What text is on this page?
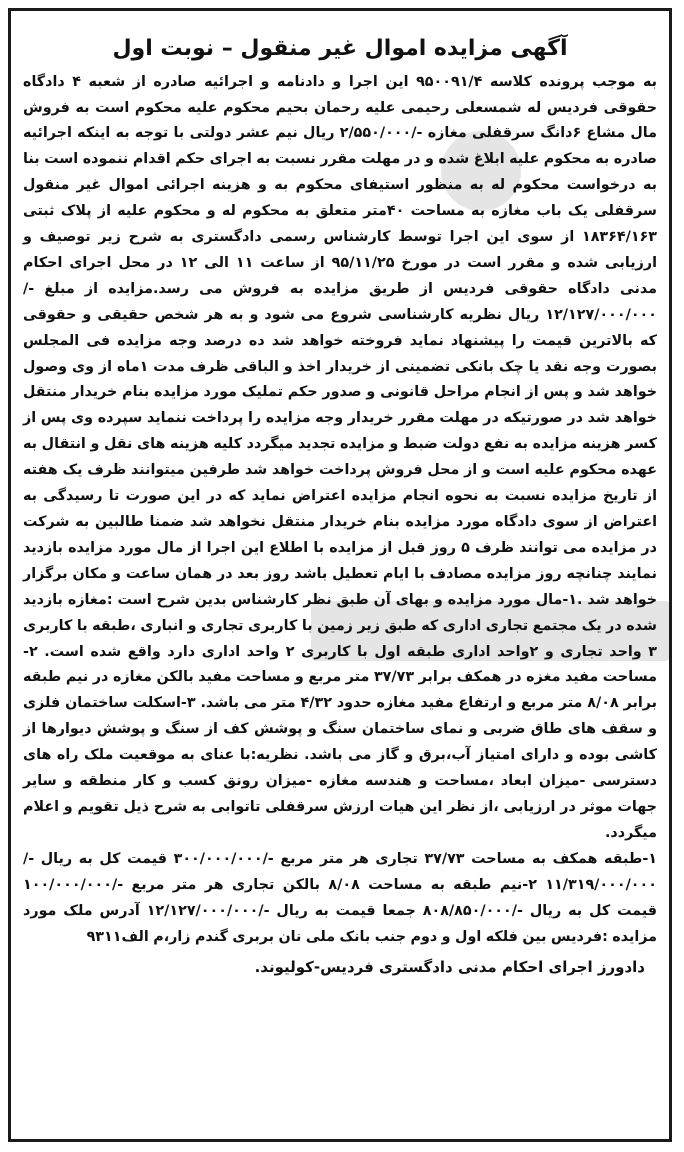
آگهی مزایده اموال غیر منقول – نوبت اول

به موجب پرونده کلاسه ۹۵۰۰۹۱/۴ این اجرا و دادنامه و اجرائیه صادره از شعبه ۴ دادگاه حقوقی فردیس له شمسعلی رحیمی علیه رحمان بحیم محکوم علیه محکوم است به فروش مال مشاع ۶دانگ سرقفلی مغازه -/۲/۵۵۰/۰۰۰ ریال نیم عشر دولتی با توجه به اینکه اجرائیه صادره به محکوم علیه ابلاغ شده و در مهلت مقرر نسبت به اجرای حکم اقدام ننموده است بنا به درخواست محکوم له به منظور استیفای محکوم به و هزینه اجرائی اموال غیر منقول سرقفلی یک باب مغازه به مساحت ۴۰متر متعلق به محکوم له و محکوم علیه از پلاک ثبتی ۱۸۳۶۴/۱۶۳ از سوی این اجرا توسط کارشناس رسمی دادگستری به شرح زیر توصیف و ارزیابی شده و مقرر است در مورخ ۹۵/۱۱/۲۵ از ساعت ۱۱ الی ۱۲ در محل اجرای احکام مدنی دادگاه حقوقی فردیس از طریق مزایده به فروش می رسد.مزایده از مبلغ -/۱۲/۱۲۷/۰۰۰/۰۰۰ ریال نظریه کارشناسی شروع می شود و به هر شخص حقیقی و حقوقی که بالاترین قیمت را پیشنهاد نماید فروخته خواهد شد ده درصد وجه مزایده فی المجلس بصورت وجه نقد یا چک بانکی تضمینی از خریدار اخذ و الباقی ظرف مدت ۱ماه از وی وصول خواهد شد و پس از انجام مراحل قانونی و صدور حکم تملیک مورد مزایده بنام خریدار منتقل خواهد شد در صورتیکه در مهلت مقرر خریدار وجه مزایده را پرداخت ننماید سپرده وی پس از کسر هزینه مزایده به نفع دولت ضبط و مزایده تجدید میگردد کلیه هزینه های نقل و انتقال به عهده محکوم علیه است و از محل فروش پرداخت خواهد شد طرفین میتوانند ظرف یک هفته از تاریخ مزایده نسبت به نحوه انجام مزایده اعتراض نماید که در این صورت تا رسیدگی به اعتراض از سوی دادگاه مورد مزایده بنام خریدار منتقل نخواهد شد ضمنا طالبین به شرکت در مزایده می توانند ظرف ۵ روز قبل از مزایده با اطلاع این اجرا از مال مورد مزایده بازدید نمایند چنانچه روز مزایده مصادف با ایام تعطیل باشد روز بعد در همان ساعت و مکان برگزار خواهد شد .۱-مال مورد مزایده و بهای آن طبق نظر کارشناس بدین شرح است :مغازه بازدید شده در یک مجتمع تجاری اداری که طبق زیر زمین با کاربری تجاری و انباری ،طبقه با کاربری ۳ واحد تجاری و ۲واحد اداری طبقه اول با کاربری ۲ واحد اداری دارد واقع شده است. ۲-مساحت مفید مغزه در همکف برابر ۳۷/۷۳ متر مربع و مساحت مفید بالکن مغازه در نیم طبقه برابر ۸/۰۸ متر مربع و ارتفاع مفید مغازه حدود ۴/۳۲ متر می باشد. ۳-اسکلت ساختمان فلزی و سقف های طاق ضربی و نمای ساختمان سنگ و پوشش کف از سنگ و پوشش دیوارها از کاشی بوده و دارای امتیاز آب،برق و گاز می باشد. نظریه:با عنای به موقعیت ملک راه های دسترسی -میزان ابعاد ،مساحت و هندسه مغازه -میزان رونق کسب و کار منطقه و سایر جهات موثر در ارزیابی ،از نظر این هیات ارزش سرقفلی تاتوابی به شرح ذیل تقویم و اعلام میگردد.

۱-طبقه همکف به مساحت ۳۷/۷۳ تجاری هر متر مربع -/۳۰۰/۰۰۰/۰۰۰ قیمت کل به ریال -/۱۱/۳۱۹/۰۰۰/۰۰۰ ۲-نیم طبقه به مساحت ۸/۰۸ بالکن تجاری هر متر مربع -/۱۰۰/۰۰۰/۰۰۰ قیمت کل به ریال -/۸۰۸/۸۵۰/۰۰۰ جمعا قیمت به ریال -/۱۲/۱۲۷/۰۰۰/۰۰۰ آدرس ملک مورد مزایده :فردیس بین فلکه اول و دوم جنب بانک ملی نان بربری گندم زار،م الف۹۳۱۱

دادورز اجرای احکام مدنی دادگستری فردیس-کولیوند.
